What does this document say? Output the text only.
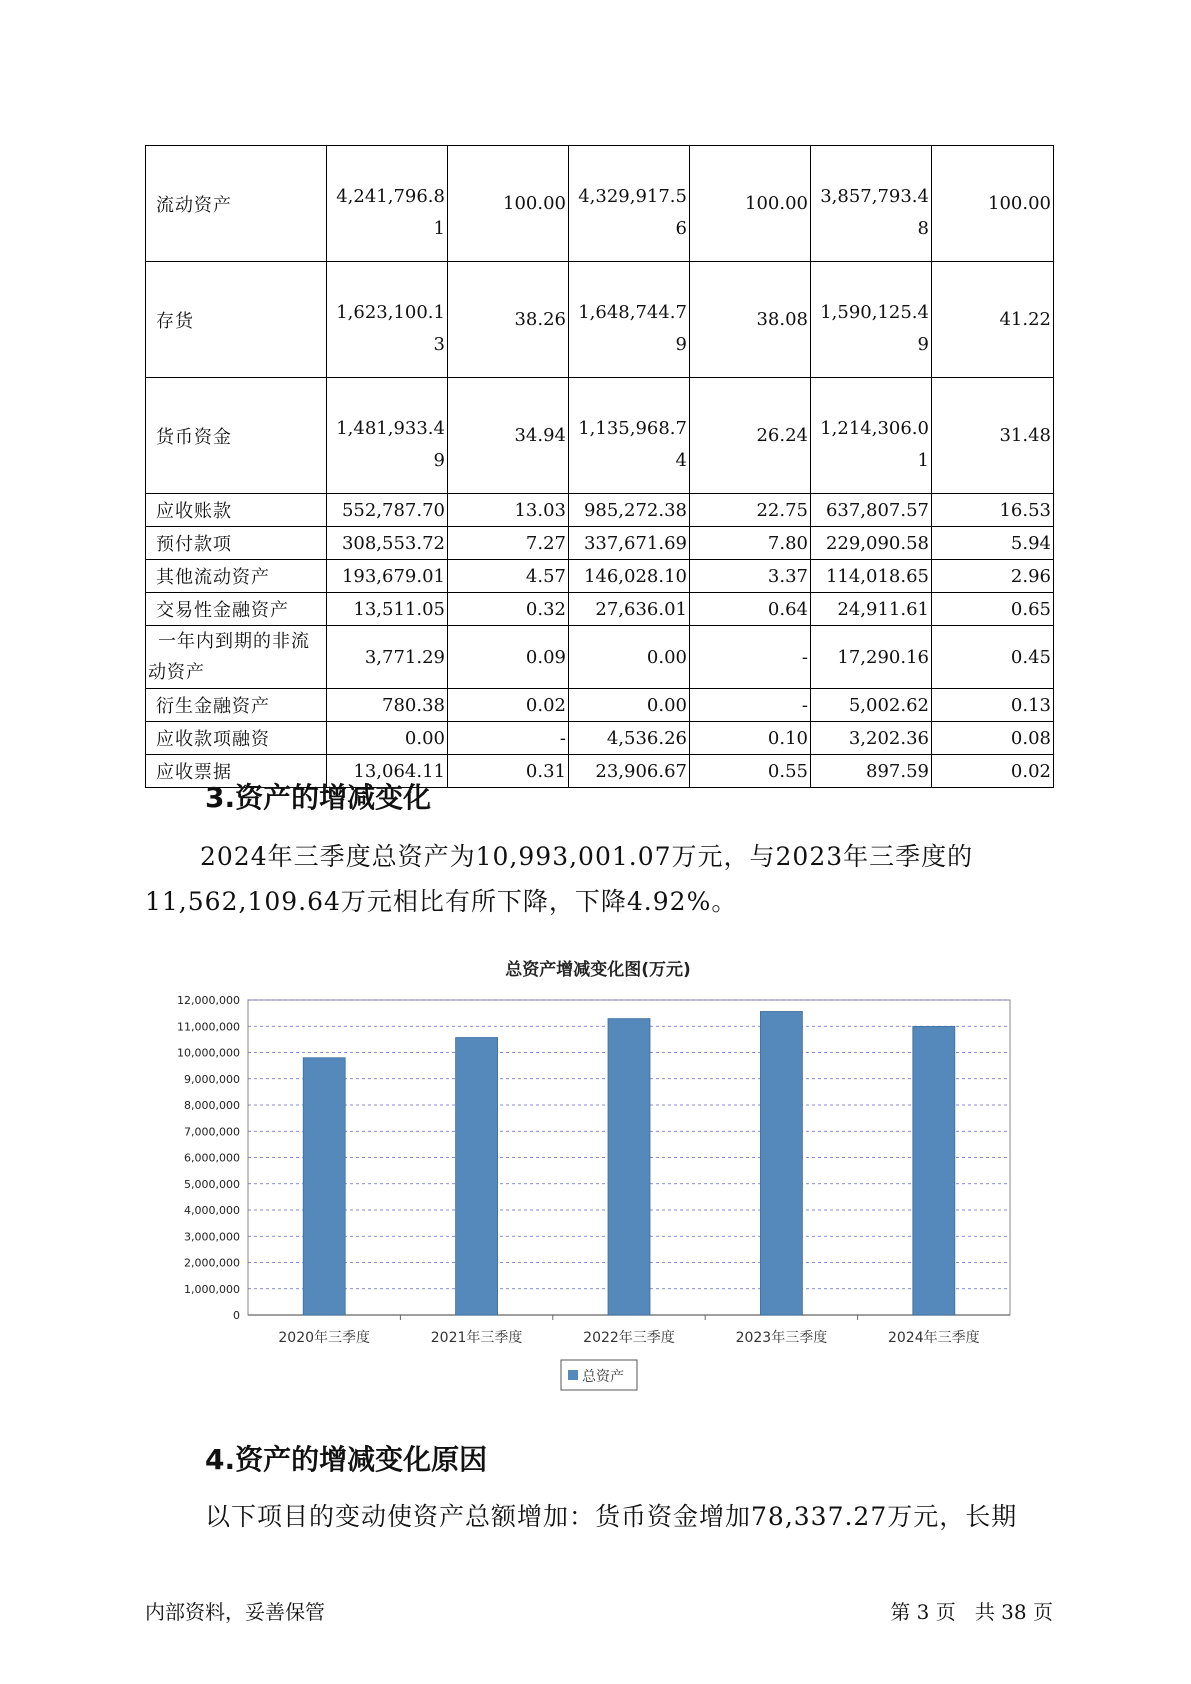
流动资产	4,241,796.81	100.00	4,329,917.56	100.00	3,857,793.48	100.00
存货	1,623,100.13	38.26	1,648,744.79	38.08	1,590,125.49	41.22
货币资金	1,481,933.49	34.94	1,135,968.74	26.24	1,214,306.01	31.48
应收账款	552,787.70	13.03	985,272.38	22.75	637,807.57	16.53
预付款项	308,553.72	7.27	337,671.69	7.80	229,090.58	5.94
其他流动资产	193,679.01	4.57	146,028.10	3.37	114,018.65	2.96
交易性金融资产	13,511.05	0.32	27,636.01	0.64	24,911.61	0.65
一年内到期的非流
动资产	3,771.29	0.09	0.00	-	17,290.16	0.45
衍生金融资产	780.38	0.02	0.00	-	5,002.62	0.13
应收款项融资	0.00	-	4,536.26	0.10	3,202.36	0.08
应收票据	13,064.11	0.31	23,906.67	0.55	897.59	0.02
3.资产的增减变化
2024年三季度总资产为10,993,001.07万元，与2023年三季度的
11,562,109.64万元相比有所下降，下降4.92%。
总资产增减变化图(万元)
0
1,000,000
2,000,000
3,000,000
4,000,000
5,000,000
6,000,000
7,000,000
8,000,000
9,000,000
10,000,000
11,000,000
12,000,000
2020年三季度	2021年三季度	2022年三季度	2023年三季度	2024年三季度
总资产
4.资产的增减变化原因
以下项目的变动使资产总额增加：货币资金增加78,337.27万元，长期
内部资料，妥善保管	第 3 页   共 38 页
